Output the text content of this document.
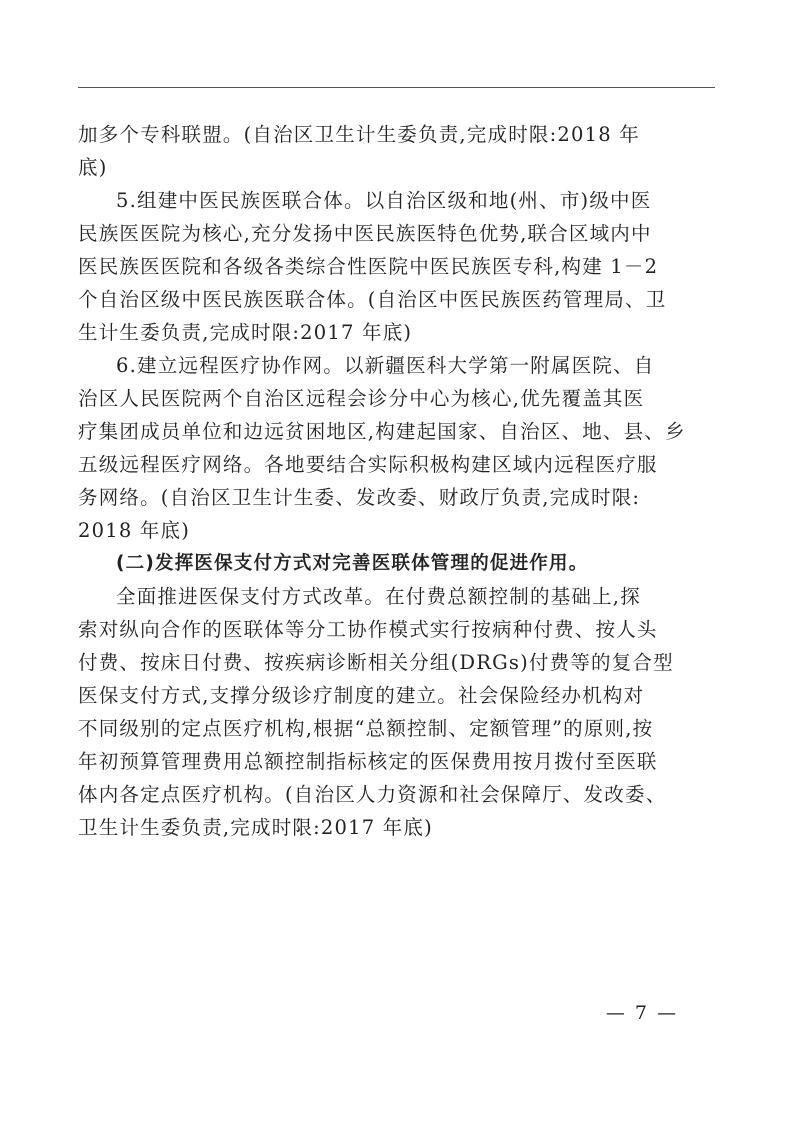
加多个专科联盟。(自治区卫生计生委负责,完成时限:2018 年
底)

5.组建中医民族医联合体。以自治区级和地(州、市)级中医
民族医医院为核心,充分发扬中医民族医特色优势,联合区域内中
医民族医医院和各级各类综合性医院中医民族医专科,构建 1－2
个自治区级中医民族医联合体。(自治区中医民族医药管理局、卫
生计生委负责,完成时限:2017 年底)

6.建立远程医疗协作网。以新疆医科大学第一附属医院、自
治区人民医院两个自治区远程会诊分中心为核心,优先覆盖其医
疗集团成员单位和边远贫困地区,构建起国家、自治区、地、县、乡
五级远程医疗网络。各地要结合实际积极构建区域内远程医疗服
务网络。(自治区卫生计生委、发改委、财政厅负责,完成时限:
2018 年底)

(二)发挥医保支付方式对完善医联体管理的促进作用。

全面推进医保支付方式改革。在付费总额控制的基础上,探
索对纵向合作的医联体等分工协作模式实行按病种付费、按人头
付费、按床日付费、按疾病诊断相关分组(DRGs)付费等的复合型
医保支付方式,支撑分级诊疗制度的建立。社会保险经办机构对
不同级别的定点医疗机构,根据“总额控制、定额管理”的原则,按
年初预算管理费用总额控制指标核定的医保费用按月拨付至医联
体内各定点医疗机构。(自治区人力资源和社会保障厅、发改委、
卫生计生委负责,完成时限:2017 年底)

— 7 —
